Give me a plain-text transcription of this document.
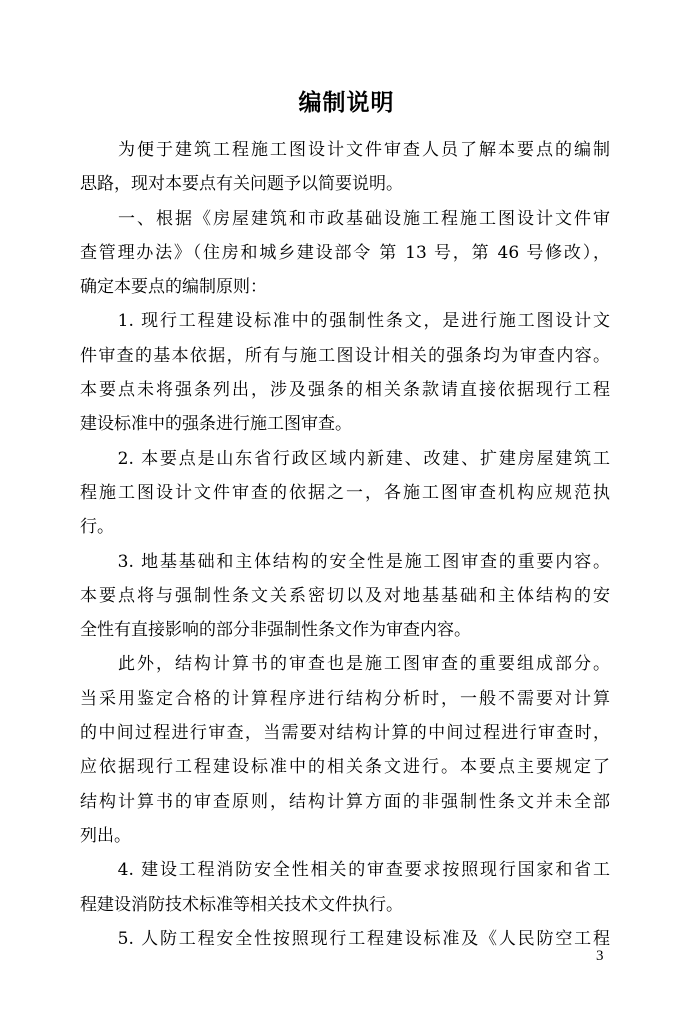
编制说明
　　为便于建筑工程施工图设计文件审查人员了解本要点的编制
思路，现对本要点有关问题予以简要说明。
　　一、根据《房屋建筑和市政基础设施工程施工图设计文件审
查管理办法》（住房和城乡建设部令 第 13 号，第 46 号修改），
确定本要点的编制原则：
　　1. 现行工程建设标准中的强制性条文，是进行施工图设计文
件审查的基本依据，所有与施工图设计相关的强条均为审查内容。
本要点未将强条列出，涉及强条的相关条款请直接依据现行工程
建设标准中的强条进行施工图审查。
　　2. 本要点是山东省行政区域内新建、改建、扩建房屋建筑工
程施工图设计文件审查的依据之一，各施工图审查机构应规范执
行。
　　3. 地基基础和主体结构的安全性是施工图审查的重要内容。
本要点将与强制性条文关系密切以及对地基基础和主体结构的安
全性有直接影响的部分非强制性条文作为审查内容。
　　此外，结构计算书的审查也是施工图审查的重要组成部分。
当采用鉴定合格的计算程序进行结构分析时，一般不需要对计算
的中间过程进行审查，当需要对结构计算的中间过程进行审查时，
应依据现行工程建设标准中的相关条文进行。本要点主要规定了
结构计算书的审查原则，结构计算方面的非强制性条文并未全部
列出。
　　4. 建设工程消防安全性相关的审查要求按照现行国家和省工
程建设消防技术标准等相关技术文件执行。
　　5. 人防工程安全性按照现行工程建设标准及《人民防空工程
3
